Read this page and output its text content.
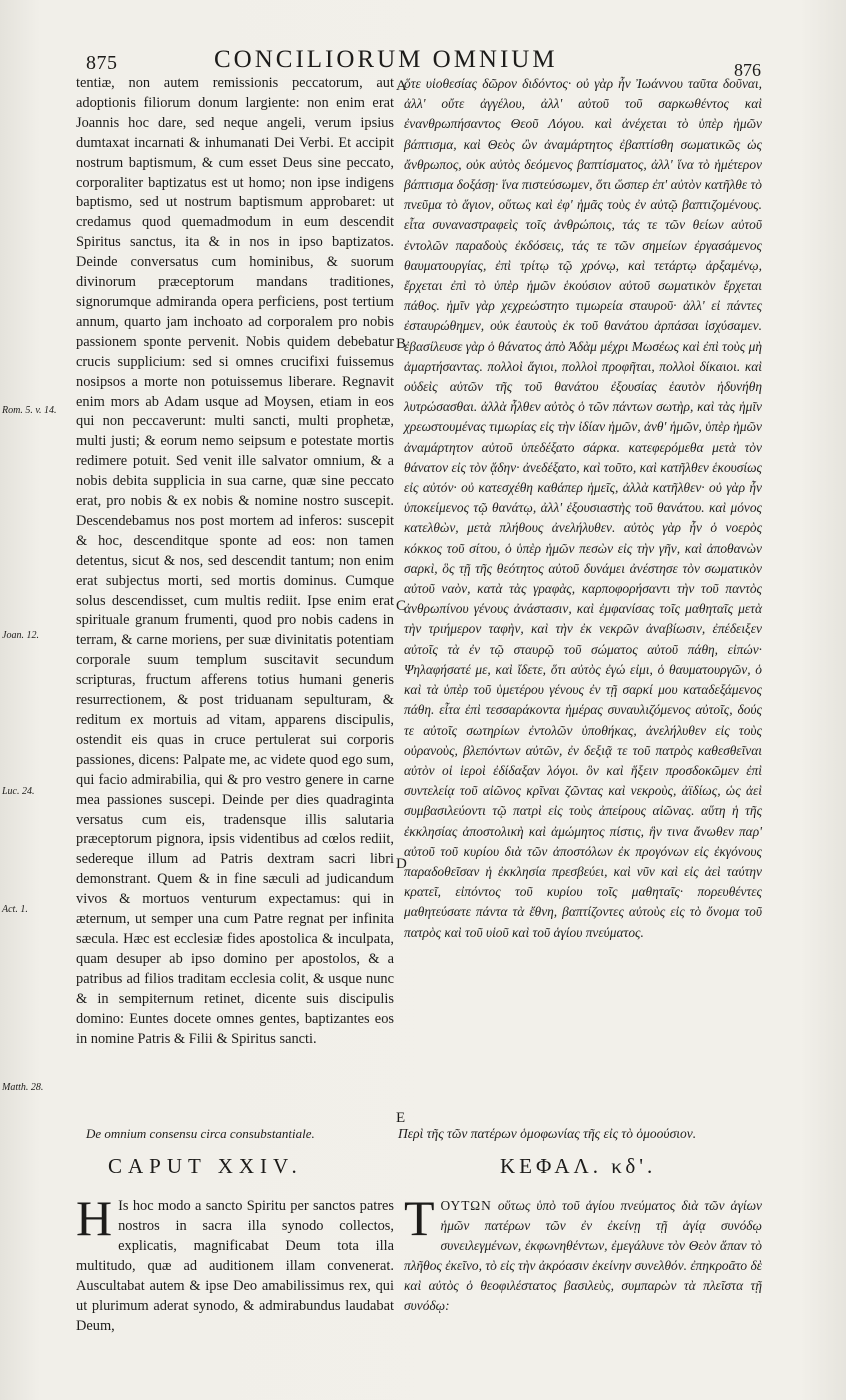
875	CONCILIORUM OMNIUM	876
Rom. 5. v. 14.
Joan. 12.
Luc. 24.
Act. 1.
Matth. 28.
A
B
C
D
E

tentiæ, non autem remissionis peccatorum, aut adoptionis filiorum donum largiente: non enim erat Joannis hoc dare, sed neque angeli, verum ipsius dumtaxat incarnati & inhumanati Dei Verbi. Et accipit nostrum baptismum, & cum esset Deus sine peccato, corporaliter baptizatus est ut homo; non ipse indigens baptismo, sed ut nostrum baptismum approbaret: ut credamus quod quemadmodum in eum descendit Spiritus sanctus, ita & in nos in ipso baptizatos. Deinde conversatus cum hominibus, & suorum divinorum præceptorum mandans traditiones, signorumque admiranda opera perficiens, post tertium annum, quarto jam inchoato ad corporalem pro nobis passionem sponte pervenit. Nobis quidem debebatur crucis supplicium: sed si omnes crucifixi fuissemus nosipsos a morte non potuissemus liberare. Regnavit enim mors ab Adam usque ad Moysen, etiam in eos qui non peccaverunt: multi sancti, multi prophetæ, multi justi; & eorum nemo seipsum e potestate mortis redimere potuit. Sed venit ille salvator omnium, & a nobis debita supplicia in sua carne, quæ sine peccato erat, pro nobis & ex nobis & nomine nostro suscepit. Descendebamus nos post mortem ad inferos: suscepit & hoc, descenditque sponte ad eos: non tamen detentus, sicut & nos, sed descendit tantum; non enim erat subjectus morti, sed mortis dominus. Cumque solus descendisset, cum multis rediit. Ipse enim erat spirituale granum frumenti, quod pro nobis cadens in terram, & carne moriens, per suæ divinitatis potentiam corporale suum templum suscitavit secundum scripturas, fructum afferens totius humani generis resurrectionem, & post triduanam sepulturam, & reditum ex mortuis ad vitam, apparens discipulis, ostendit eis quas in cruce pertulerat sui corporis passiones, dicens: Palpate me, ac videte quod ego sum, qui facio admirabilia, qui & pro vestro genere in carne mea passiones suscepi. Deinde per dies quadraginta versatus cum eis, tradensque illis salutaria præceptorum pignora, ipsis videntibus ad cœlos rediit, sedereque illum ad Patris dextram sacri libri demonstrant. Quem & in fine sæculi ad judicandum vivos & mortuos venturum expectamus: qui in æternum, ut semper una cum Patre regnat per infinita sæcula. Hæc est ecclesiæ fides apostolica & inculpata, quam desuper ab ipso domino per apostolos, & a patribus ad filios traditam ecclesia colit, & usque nunc & in sempiternum retinet, dicente suis discipulis domino: Euntes docete omnes gentes, baptizantes eos in nomine Patris & Filii & Spiritus sancti.

ὅτε υἱοθεσίας δῶρον διδόντος· οὐ γὰρ ἦν Ἰωάννου ταῦτα δοῦναι, ἀλλ' οὔτε ἀγγέλου, ἀλλ' αὐτοῦ τοῦ σαρκωθέντος καὶ ἐνανθρωπήσαντος Θεοῦ Λόγου. καὶ ἀνέχεται τὸ ὑπὲρ ἡμῶν βάπτισμα, καὶ Θεὸς ὢν ἀναμάρτητος ἐβαπτίσθη σωματικῶς ὡς ἄνθρωπος, οὐκ αὐτὸς δεόμενος βαπτίσματος, ἀλλ' ἵνα τὸ ἡμέτερον βάπτισμα δοξάσῃ· ἵνα πιστεύσωμεν, ὅτι ὥσπερ ἐπ' αὐτὸν κατῆλθε τὸ πνεῦμα τὸ ἅγιον, οὕτως καὶ ἐφ' ἡμᾶς τοὺς ἐν αὐτῷ βαπτιζομένους. εἶτα συναναστραφεὶς τοῖς ἀνθρώποις, τάς τε τῶν θείων αὐτοῦ ἐντολῶν παραδοὺς ἐκδόσεις, τάς τε τῶν σημείων ἐργασάμενος θαυματουργίας, ἐπὶ τρίτῳ τῷ χρόνῳ, καὶ τετάρτῳ ἀρξαμένῳ, ἔρχεται ἐπὶ τὸ ὑπὲρ ἡμῶν ἑκούσιον αὐτοῦ σωματικὸν ἔρχεται πάθος. ἡμῖν γὰρ χεχρεώστητο τιμωρεία σταυροῦ· ἀλλ' εἰ πάντες ἐσταυρώθημεν, οὐκ ἑαυτοὺς ἐκ τοῦ θανάτου ἁρπάσαι ἰσχύσαμεν. ἐβασίλευσε γὰρ ὁ θάνατος ἀπὸ Ἀδὰμ μέχρι Μωσέως καὶ ἐπὶ τοὺς μὴ ἁμαρτήσαντας. πολλοὶ ἅγιοι, πολλοὶ προφῆται, πολλοὶ δίκαιοι. καὶ οὐδεὶς αὐτῶν τῆς τοῦ θανάτου ἐξουσίας ἑαυτὸν ἠδυνήθη λυτρώσασθαι. ἀλλὰ ἦλθεν αὐτὸς ὁ τῶν πάντων σωτὴρ, καὶ τὰς ἡμῖν χρεωστουμένας τιμωρίας εἰς τὴν ἰδίαν ἡμῶν, ἀνθ' ἡμῶν, ὑπὲρ ἡμῶν ἀναμάρτητον αὐτοῦ ὑπεδέξατο σάρκα. κατεφερόμεθα μετὰ τὸν θάνατον εἰς τὸν ᾅδην· ἀνεδέξατο, καὶ τοῦτο, καὶ κατῆλθεν ἑκουσίως εἰς αὐτόν· οὐ κατεσχέθη καθάπερ ἡμεῖς, ἀλλὰ κατῆλθεν· οὐ γὰρ ἦν ὑποκείμενος τῷ θανάτῳ, ἀλλ' ἐξουσιαστὴς τοῦ θανάτου. καὶ μόνος κατελθὼν, μετὰ πλήθους ἀνελήλυθεν. αὐτὸς γὰρ ἦν ὁ νοερὸς κόκκος τοῦ σίτου, ὁ ὑπὲρ ἡμῶν πεσὼν εἰς τὴν γῆν, καὶ ἀποθανὼν σαρκὶ, ὃς τῇ τῆς θεότητος αὐτοῦ δυνάμει ἀνέστησε τὸν σωματικὸν αὐτοῦ ναὸν, κατὰ τὰς γραφὰς, καρποφορήσαντι τὴν τοῦ παντὸς ἀνθρωπίνου γένους ἀνάστασιν, καὶ ἐμφανίσας τοῖς μαθηταῖς μετὰ τὴν τριήμερον ταφὴν, καὶ τὴν ἐκ νεκρῶν ἀναβίωσιν, ἐπέδειξεν αὐτοῖς τὰ ἐν τῷ σταυρῷ τοῦ σώματος αὐτοῦ πάθη, εἰπών· Ψηλαφήσατέ με, καὶ ἴδετε, ὅτι αὐτὸς ἐγώ εἰμι, ὁ θαυματουργῶν, ὁ καὶ τὰ ὑπὲρ τοῦ ὑμετέρου γένους ἐν τῇ σαρκί μου καταδεξάμενος πάθη. εἶτα ἐπὶ τεσσαράκοντα ἡμέρας συναυλιζόμενος αὐτοῖς, δούς τε αὐτοῖς σωτηρίων ἐντολῶν ὑποθήκας, ἀνελήλυθεν εἰς τοὺς οὐρανοὺς, βλεπόντων αὐτῶν, ἐν δεξιᾷ τε τοῦ πατρὸς καθεσθεῖναι αὐτὸν οἱ ἱεροὶ ἐδίδαξαν λόγοι. ὃν καὶ ἥξειν προσδοκῶμεν ἐπὶ συντελείᾳ τοῦ αἰῶνος κρῖναι ζῶντας καὶ νεκροὺς, ἀϊδίως, ὡς ἀεὶ συμβασιλεύοντι τῷ πατρὶ εἰς τοὺς ἀπείρους αἰῶνας. αὕτη ἡ τῆς ἐκκλησίας ἀποστολικὴ καὶ ἀμώμητος πίστις, ἣν τινα ἄνωθεν παρ' αὐτοῦ τοῦ κυρίου διὰ τῶν ἀποστόλων ἐκ προγόνων εἰς ἐκγόνους παραδοθεῖσαν ἡ ἐκκλησία πρεσβεύει, καὶ νῦν καὶ εἰς ἀεὶ ταύτην κρατεῖ, εἰπόντος τοῦ κυρίου τοῖς μαθηταῖς· πορευθέντες μαθητεύσατε πάντα τὰ ἔθνη, βαπτίζοντες αὐτοὺς εἰς τὸ ὄνομα τοῦ πατρὸς καὶ τοῦ υἱοῦ καὶ τοῦ ἁγίου πνεύματος.

De omnium consensu circa consubstantiale.	Περὶ τῆς τῶν πατέρων ὁμοφωνίας τῆς εἰς τὸ ὁμοούσιον.
CAPUT XXIV.	ΚΕΦΑΛ. κδ'.
H Is hoc modo a sancto Spiritu per sanctos patres nostros in sacra illa synodo collectos, explicatis, magnificabat Deum tota illa multitudo, quæ ad auditionem illam convenerat. Auscultabat autem & ipse Deo amabilissimus rex, qui ut plurimum aderat synodo, & admirabundus laudabat Deum,
T ΟΥΤΩΝ οὕτως ὑπὸ τοῦ ἁγίου πνεύματος διὰ τῶν ἁγίων ἡμῶν πατέρων τῶν ἐν ἐκείνῃ τῇ ἁγίᾳ συνόδῳ συνειλεγμένων, ἐκφωνηθέντων, ἐμεγάλυνε τὸν Θεὸν ἅπαν τὸ πλῆθος ἐκεῖνο, τὸ εἰς τὴν ἀκρόασιν ἐκείνην συνελθόν. ἐπηκροᾶτο δὲ καὶ αὐτὸς ὁ θεοφιλέστατος βασιλεὺς, συμπαρὼν τὰ πλεῖστα τῇ συνόδῳ:
